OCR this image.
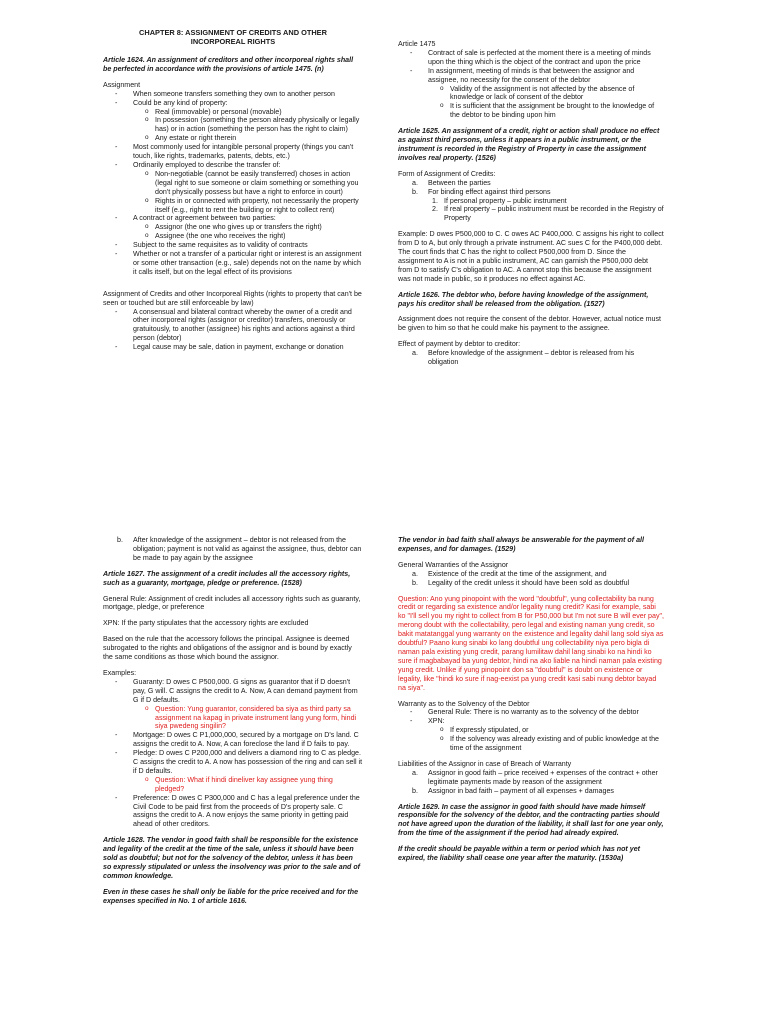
CHAPTER 8: ASSIGNMENT OF CREDITS AND OTHER
INCORPOREAL RIGHTS

Article 1624. An assignment of creditors and other incorporeal rights shall be perfected in accordance with the provisions of article 1475. (n)

Assignment
- When someone transfers something they own to another person
- Could be any kind of property:
o Real (immovable) or personal (movable)
o In possession (something the person already physically or legally has) or in action (something the person has the right to claim)
o Any estate or right therein
- Most commonly used for intangible personal property (things you can't touch, like rights, trademarks, patents, debts, etc.)
- Ordinarily employed to describe the transfer of:
o Non-negotiable (cannot be easily transferred) choses in action (legal right to sue someone or claim something or something you don't physically possess but have a right to enforce in court)
o Rights in or connected with property, not necessarily the property itself (e.g., right to rent the building or right to collect rent)
- A contract or agreement between two parties:
o Assignor (the one who gives up or transfers the right)
o Assignee (the one who receives the right)
- Subject to the same requisites as to validity of contracts
- Whether or not a transfer of a particular right or interest is an assignment or some other transaction (e.g., sale) depends not on the name by which it calls itself, but on the legal effect of its provisions
Assignment of Credits and other Incorporeal Rights (rights to property that can't be seen or touched but are still enforceable by law)
- A consensual and bilateral contract whereby the owner of a credit and other incorporeal rights (assignor or creditor) transfers, onerously or gratuitously, to another (assignee) his rights and actions against a third person (debtor)
- Legal cause may be sale, dation in payment, exchange or donation
Article 1475
- Contract of sale is perfected at the moment there is a meeting of minds upon the thing which is the object of the contract and upon the price
- In assignment, meeting of minds is that between the assignor and assignee, no necessity for the consent of the debtor
o Validity of the assignment is not affected by the absence of knowledge or lack of consent of the debtor
o It is sufficient that the assignment be brought to the knowledge of the debtor to be binding upon him

Article 1625. An assignment of a credit, right or action shall produce no effect as against third persons, unless it appears in a public instrument, or the instrument is recorded in the Registry of Property in case the assignment involves real property. (1526)

Form of Assignment of Credits:
a. Between the parties
b. For binding effect against third persons
1. If personal property – public instrument
2. If real property – public instrument must be recorded in the Registry of Property

Example: D owes P500,000 to C. C owes AC P400,000. C assigns his right to collect from D to A, but only through a private instrument. AC sues C for the P400,000 debt. The court finds that C has the right to collect P500,000 from D. Since the assignment to A is not in a public instrument, AC can garnish the P500,000 debt from D to satisfy C's obligation to AC. A cannot stop this because the assignment was not made in public, so it produces no effect against AC.

Article 1626. The debtor who, before having knowledge of the assignment, pays his creditor shall be released from the obligation. (1527)

Assignment does not require the consent of the debtor. However, actual notice must be given to him so that he could make his payment to the assignee.

Effect of payment by debtor to creditor:
a. Before knowledge of the assignment – debtor is released from his obligation
b. After knowledge of the assignment – debtor is not released from the obligation; payment is not valid as against the assignee, thus, debtor can be made to pay again by the assignee

Article 1627. The assignment of a credit includes all the accessory rights, such as a guaranty, mortgage, pledge or preference. (1528)

General Rule: Assignment of credit includes all accessory rights such as guaranty, mortgage, pledge, or preference

XPN: If the party stipulates that the accessory rights are excluded

Based on the rule that the accessory follows the principal. Assignee is deemed subrogated to the rights and obligations of the assignor and is bound by exactly the same conditions as those which bound the assignor.

Examples:
- Guaranty: D owes C P500,000. G signs as guarantor that if D doesn't pay, G will. C assigns the credit to A. Now, A can demand payment from G if D defaults.
o Question: Yung guarantor, considered ba siya as third party sa assignment na kapag in private instrument lang yung form, hindi siya pwedeng singilin?
- Mortgage: D owes C P1,000,000, secured by a mortgage on D's land. C assigns the credit to A. Now, A can foreclose the land if D fails to pay.
- Pledge: D owes C P200,000 and delivers a diamond ring to C as pledge. C assigns the credit to A. A now has possession of the ring and can sell it if D defaults.
o Question: What if hindi dineliver kay assignee yung thing pledged?
- Preference: D owes C P300,000 and C has a legal preference under the Civil Code to be paid first from the proceeds of D's property sale. C assigns the credit to A. A now enjoys the same priority in getting paid ahead of other creditors.

Article 1628. The vendor in good faith shall be responsible for the existence and legality of the credit at the time of the sale, unless it should have been sold as doubtful; but not for the solvency of the debtor, unless it has been so expressly stipulated or unless the insolvency was prior to the sale and of common knowledge.

Even in these cases he shall only be liable for the price received and for the expenses specified in No. 1 of article 1616.

The vendor in bad faith shall always be answerable for the payment of all expenses, and for damages. (1529)

General Warranties of the Assignor
a. Existence of the credit at the time of the assignment, and
b. Legality of the credit unless it should have been sold as doubtful

Question: Ano yung pinopoint with the word "doubtful", yung collectability ba nung credit or regarding sa existence and/or legality nung credit? Kasi for example, sabi ko "I'll sell you my right to collect from B for P50,000 but I'm not sure B will ever pay", merong doubt with the collectability, pero legal and existing naman yung credit, so bakit matatanggal yung warranty on the existence and legality dahil lang sold siya as doubtful? Paano kung sinabi ko lang doubtful ung collectability niya pero bigla di naman pala existing yung credit, parang lumilitaw dahil lang sinabi ko na hindi ko sure if magbabayad ba yung debtor, hindi na ako liable na hindi naman pala existing yung credit. Unlike if yung pinopoint don sa "doubtful" is doubt on existence or legality, like "hindi ko sure if nag-eexist pa yung credit kasi sabi nung debtor bayad na siya".

Warranty as to the Solvency of the Debtor
- General Rule: There is no warranty as to the solvency of the debtor
- XPN:
o If expressly stipulated, or
o If the solvency was already existing and of public knowledge at the time of the assignment
Liabilities of the Assignor in case of Breach of Warranty
a. Assignor in good faith – price received + expenses of the contract + other legitimate payments made by reason of the assignment
b. Assignor in bad faith – payment of all expenses + damages

Article 1629. In case the assignor in good faith should have made himself responsible for the solvency of the debtor, and the contracting parties should not have agreed upon the duration of the liability, it shall last for one year only, from the time of the assignment if the period had already expired.

If the credit should be payable within a term or period which has not yet expired, the liability shall cease one year after the maturity. (1530a)
